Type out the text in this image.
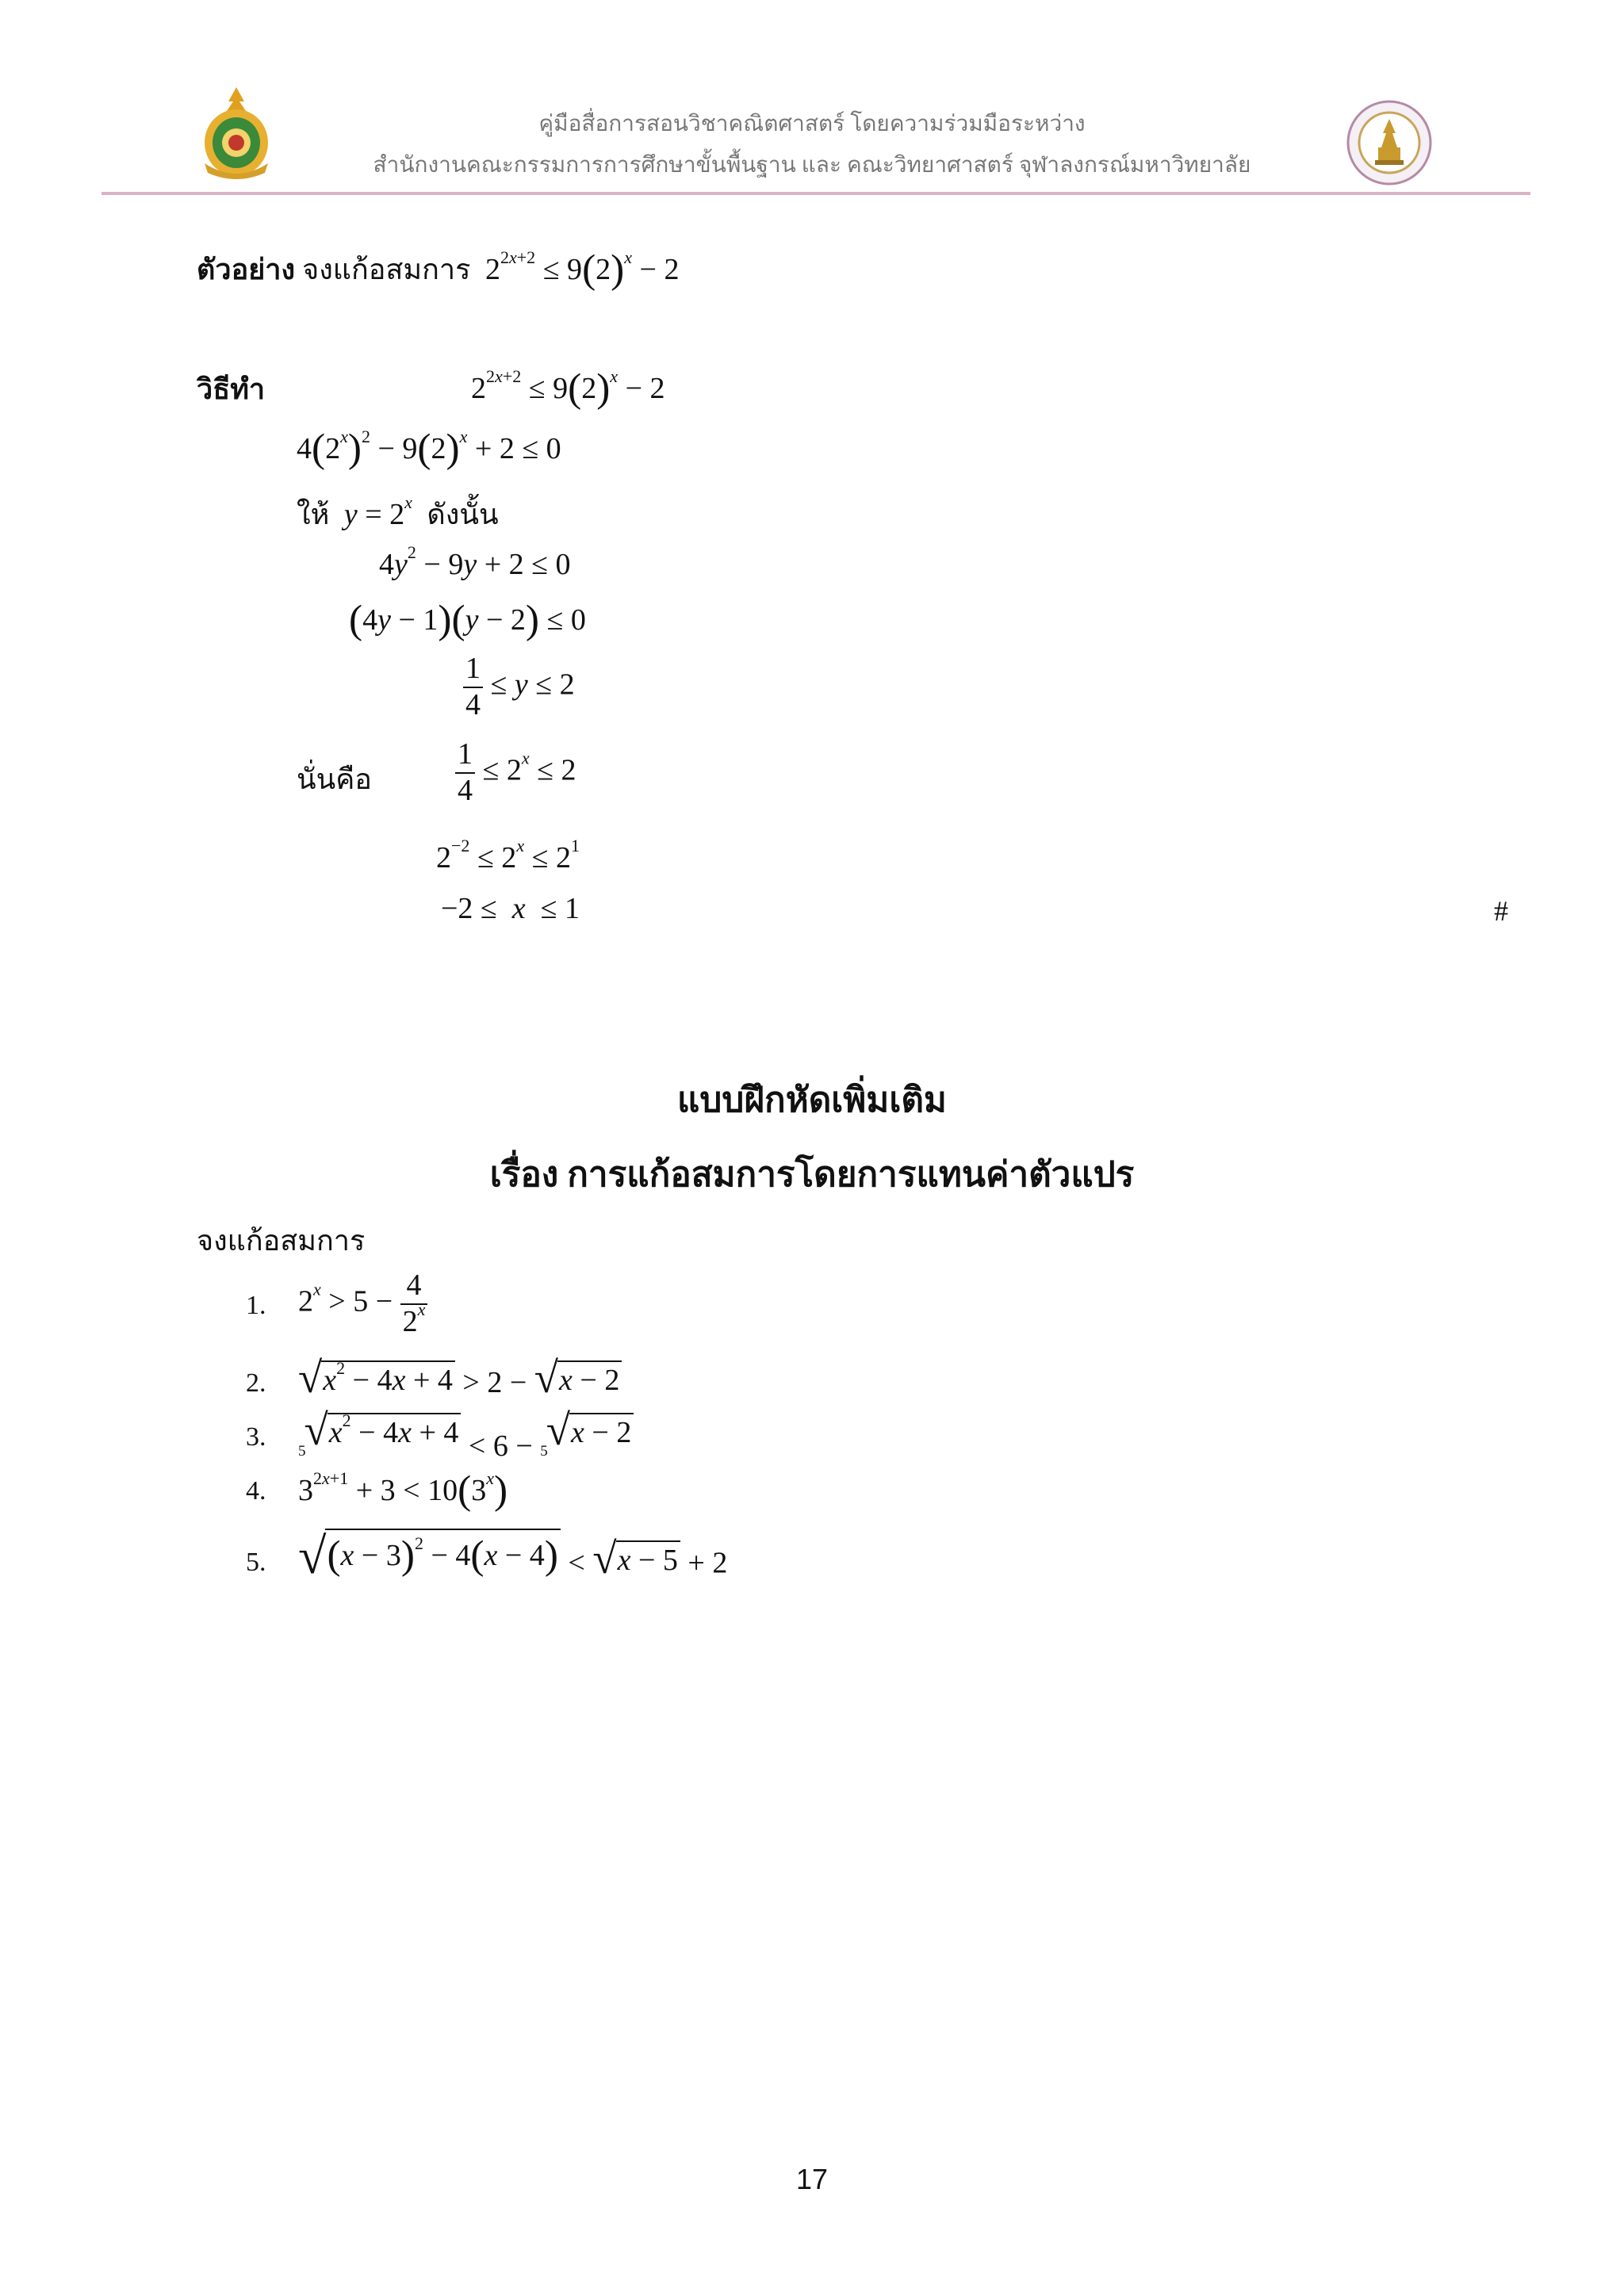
คู่มือสื่อการสอนวิชาคณิตศาสตร์ โดยความร่วมมือระหว่าง
สำนักงานคณะกรรมการการศึกษาขั้นพื้นฐาน และ คณะวิทยาศาสตร์ จุฬาลงกรณ์มหาวิทยาลัย
ตัวอย่าง จงแก้อสมการ  $2^{2x+2} \le 9(2)^x - 2$
วิธีทำ	$2^{2x+2} \le 9(2)^x - 2$
$4(2^x)^2 - 9(2)^x + 2 \le 0$
ให้ $y = 2^x$ ดังนั้น
$4y^2 - 9y + 2 \le 0$
(4y − 1)(y − 2) ≤ 0
$\frac{1}{4} \le y \le 2$
นั่นคือ	$\frac{1}{4} \le 2^x \le 2$
$2^{-2} \le 2^x \le 2^1$
−2 ≤  x  ≤ 1	#
แบบฝึกหัดเพิ่มเติม
เรื่อง การแก้อสมการโดยการแทนค่าตัวแปร
จงแก้อสมการ
1. $2^x > 5 - \frac{4}{2^x}$
2. √ $x^2 - 4x + 4 > 2$ − √ x − 2
3. 5
√ $x^2 - 4x + 4 < 6 - 5$
√ x − 2
4. $3^{2x+1} + 3 < 10(3^x)$
5. √ $(x - 3)^2 - 4(x - 4)$ < √ x − 5 + 2
17
